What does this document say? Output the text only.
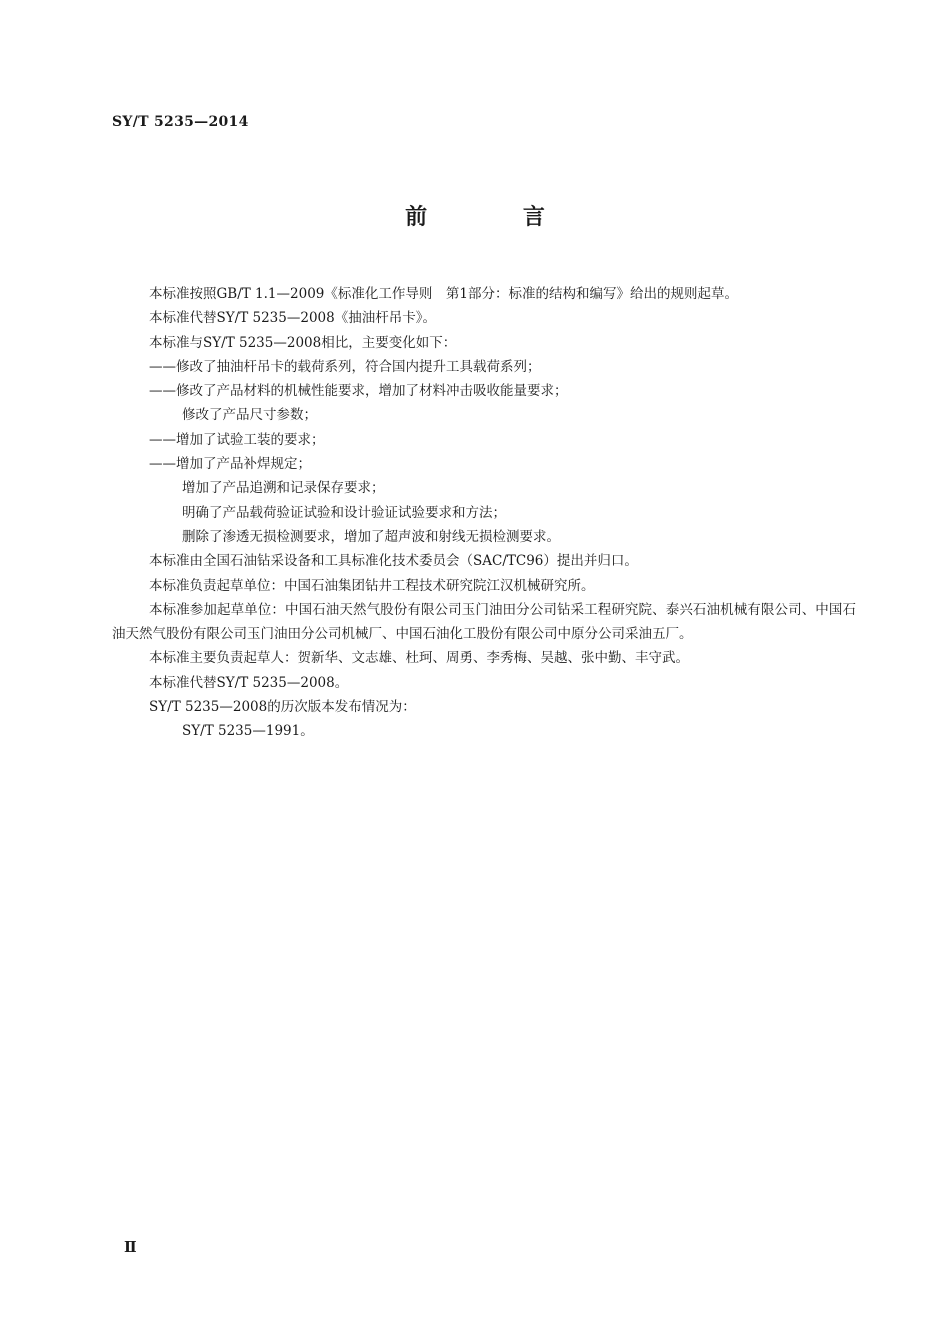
SY/T 5235—2014
前 言

本标准按照GB/T 1.1—2009《标准化工作导则　第1部分：标准的结构和编写》给出的规则起草。

本标准代替SY/T 5235—2008《抽油杆吊卡》。

本标准与SY/T 5235—2008相比，主要变化如下：

——修改了抽油杆吊卡的载荷系列，符合国内提升工具载荷系列；

——修改了产品材料的机械性能要求，增加了材料冲击吸收能量要求；

修改了产品尺寸参数；

——增加了试验工装的要求；

——增加了产品补焊规定；

增加了产品追溯和记录保存要求；

明确了产品载荷验证试验和设计验证试验要求和方法；

删除了渗透无损检测要求，增加了超声波和射线无损检测要求。

本标准由全国石油钻采设备和工具标准化技术委员会（SAC/TC96）提出并归口。

本标准负责起草单位：中国石油集团钻井工程技术研究院江汉机械研究所。

本标准参加起草单位：中国石油天然气股份有限公司玉门油田分公司钻采工程研究院、泰兴石油机械有限公司、中国石油天然气股份有限公司玉门油田分公司机械厂、中国石油化工股份有限公司中原分公司采油五厂。

本标准主要负责起草人：贺新华、文志雄、杜珂、周勇、李秀梅、吴越、张中勤、丰守武。

本标准代替SY/T 5235—2008。

SY/T 5235—2008的历次版本发布情况为：

SY/T 5235—1991。

Ⅱ
